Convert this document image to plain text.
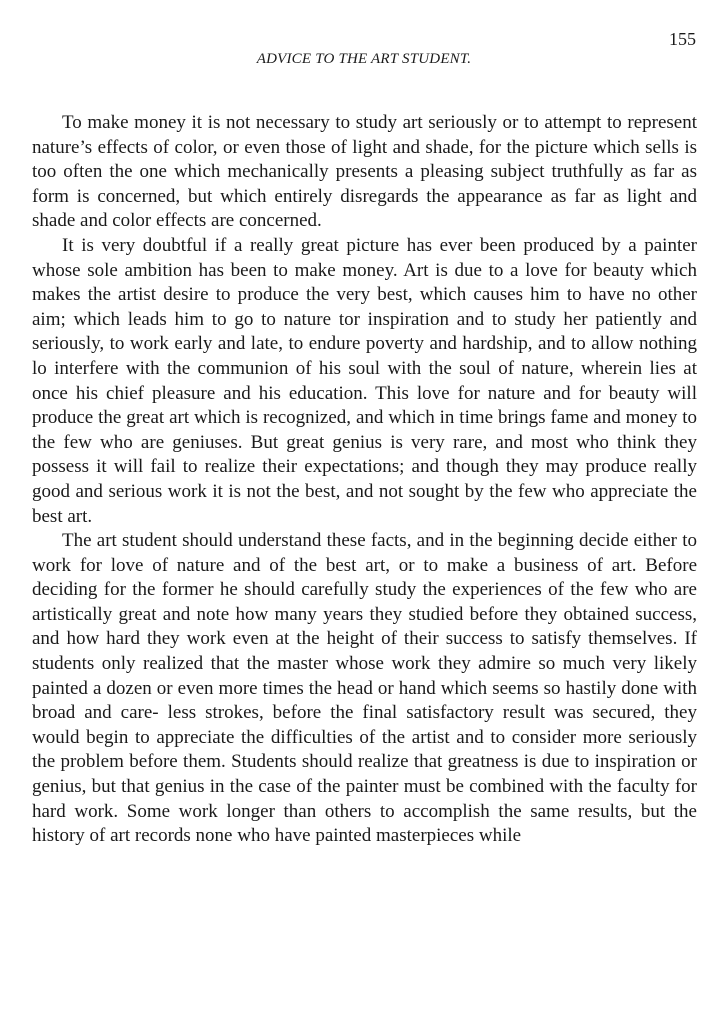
155
ADVICE TO THE ART STUDENT.

To make money it is not necessary to study art seriously or to attempt to represent nature’s effects of color, or even those of light and shade, for the picture which sells is too often the one which mechanically presents a pleasing subject truthfully as far as form is concerned, but which entirely disregards the appearance as far as light and shade and color effects are concerned.

It is very doubtful if a really great picture has ever been produced by a painter whose sole ambition has been to make money. Art is due to a love for beauty which makes the artist desire to produce the very best, which causes him to have no other aim; which leads him to go to nature tor inspiration and to study her patiently and seriously, to work early and late, to endure poverty and hardship, and to allow nothing lo interfere with the communion of his soul with the soul of nature, wherein lies at once his chief pleasure and his education. This love for nature and for beauty will produce the great art which is recognized, and which in time brings fame and money to the few who are geniuses. But great genius is very rare, and most who think they possess it will fail to realize their expectations; and though they may produce really good and serious work it is not the best, and not sought by the few who appreciate the best art.

The art student should understand these facts, and in the beginning decide either to work for love of nature and of the best art, or to make a business of art. Before deciding for the former he should carefully study the experiences of the few who are artistically great and note how many years they studied before they obtained success, and how hard they work even at the height of their success to satisfy themselves. If students only realized that the master whose work they admire so much very likely painted a dozen or even more times the head or hand which seems so hastily done with broad and care- less strokes, before the final satisfactory result was secured, they would begin to appreciate the difficulties of the artist and to consider more seriously the problem before them. Students should realize that greatness is due to inspiration or genius, but that genius in the case of the painter must be combined with the faculty for hard work. Some work longer than others to accomplish the same results, but the history of art records none who have painted masterpieces while
